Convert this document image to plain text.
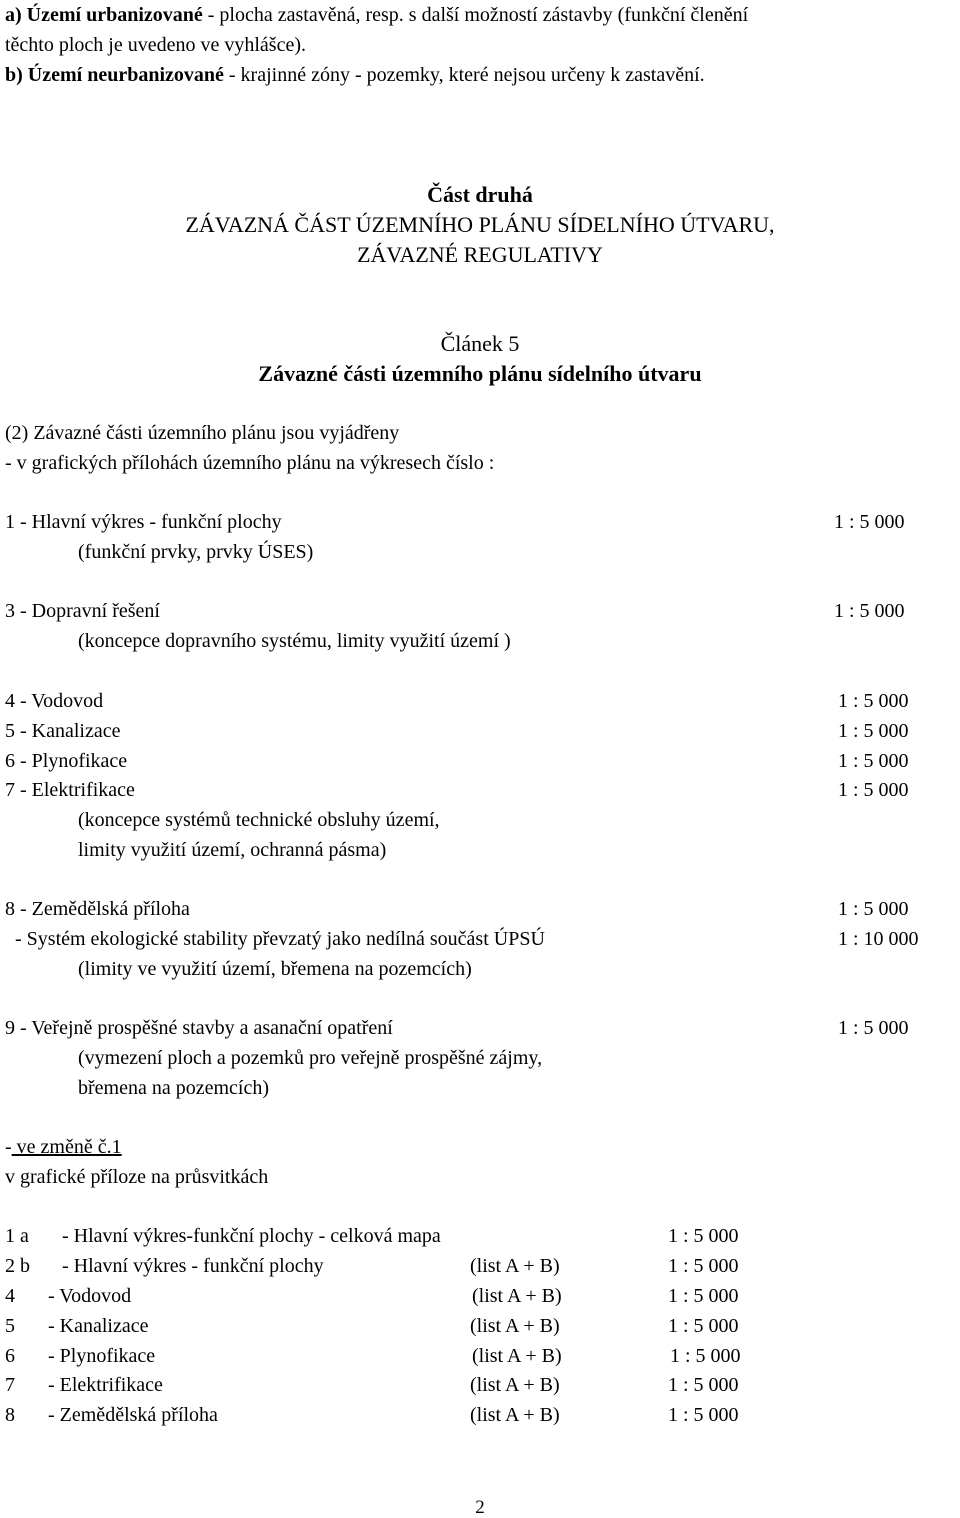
a) Území urbanizované - plocha zastavěná, resp. s další možností zástavby (funkční členění
těchto ploch je uvedeno ve vyhlášce).
b) Území neurbanizované - krajinné zóny - pozemky, které nejsou určeny k zastavění.
Část druhá
ZÁVAZNÁ ČÁST ÚZEMNÍHO PLÁNU SÍDELNÍHO ÚTVARU,
ZÁVAZNÉ REGULATIVY
Článek 5
Závazné části územního plánu sídelního útvaru
(2) Závazné části územního plánu jsou vyjádřeny
- v grafických přílohách územního plánu na výkresech číslo :
1 - Hlavní výkres - funkční plochy	1 : 5 000
(funkční prvky, prvky ÚSES)
3 - Dopravní řešení	1 : 5 000
(koncepce dopravního systému, limity využití území )
4 - Vodovod	1 : 5 000
5 - Kanalizace	1 : 5 000
6 - Plynofikace	1 : 5 000
7 - Elektrifikace	1 : 5 000
(koncepce systémů technické obsluhy území,
limity využití území, ochranná pásma)
8 - Zemědělská příloha	1 : 5 000
- Systém ekologické stability převzatý jako nedílná součást ÚPSÚ	1 : 10 000
(limity ve využití území, břemena na pozemcích)
9 - Veřejně prospěšné stavby a asanační opatření	1 : 5 000
(vymezení ploch a pozemků pro veřejně prospěšné zájmy,
břemena na pozemcích)
- ve změně č.1
v grafické příloze na průsvitkách
1 a - Hlavní výkres-funkční plochy - celková mapa	1 : 5 000
2 b - Hlavní výkres - funkční plochy	(list A + B)	1 : 5 000
4 - Vodovod	(list A + B)	1 : 5 000
5 - Kanalizace	(list A + B)	1 : 5 000
6 - Plynofikace	(list A + B)	1 : 5 000
7 - Elektrifikace	(list A + B)	1 : 5 000
8 - Zemědělská příloha	(list A + B)	1 : 5 000
2
